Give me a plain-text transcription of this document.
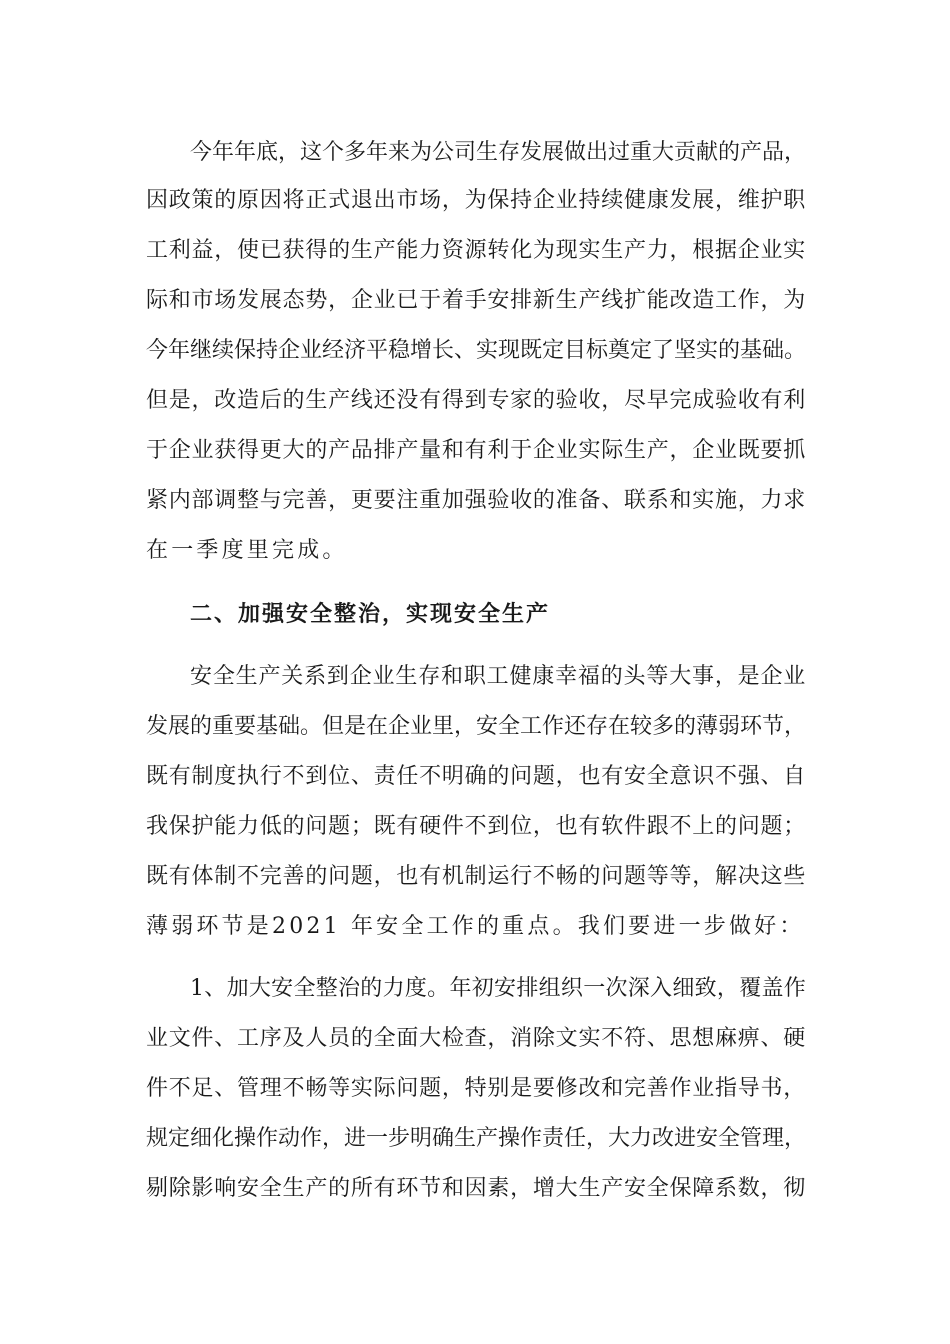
今年年底，这个多年来为公司生存发展做出过重大贡献的产品，
因政策的原因将正式退出市场，为保持企业持续健康发展，维护职
工利益，使已获得的生产能力资源转化为现实生产力，根据企业实
际和市场发展态势，企业已于着手安排新生产线扩能改造工作，为
今年继续保持企业经济平稳增长、实现既定目标奠定了坚实的基础。
但是，改造后的生产线还没有得到专家的验收，尽早完成验收有利
于企业获得更大的产品排产量和有利于企业实际生产，企业既要抓
紧内部调整与完善，更要注重加强验收的准备、联系和实施，力求
在一季度里完成。
二、加强安全整治，实现安全生产
安全生产关系到企业生存和职工健康幸福的头等大事，是企业
发展的重要基础。但是在企业里，安全工作还存在较多的薄弱环节，
既有制度执行不到位、责任不明确的问题，也有安全意识不强、自
我保护能力低的问题；既有硬件不到位，也有软件跟不上的问题；
既有体制不完善的问题，也有机制运行不畅的问题等等，解决这些
薄弱环节是2021 年安全工作的重点。我们要进一步做好：
1、加大安全整治的力度。年初安排组织一次深入细致，覆盖作
业文件、工序及人员的全面大检查，消除文实不符、思想麻痹、硬
件不足、管理不畅等实际问题，特别是要修改和完善作业指导书，
规定细化操作动作，进一步明确生产操作责任，大力改进安全管理，
剔除影响安全生产的所有环节和因素，增大生产安全保障系数，彻
